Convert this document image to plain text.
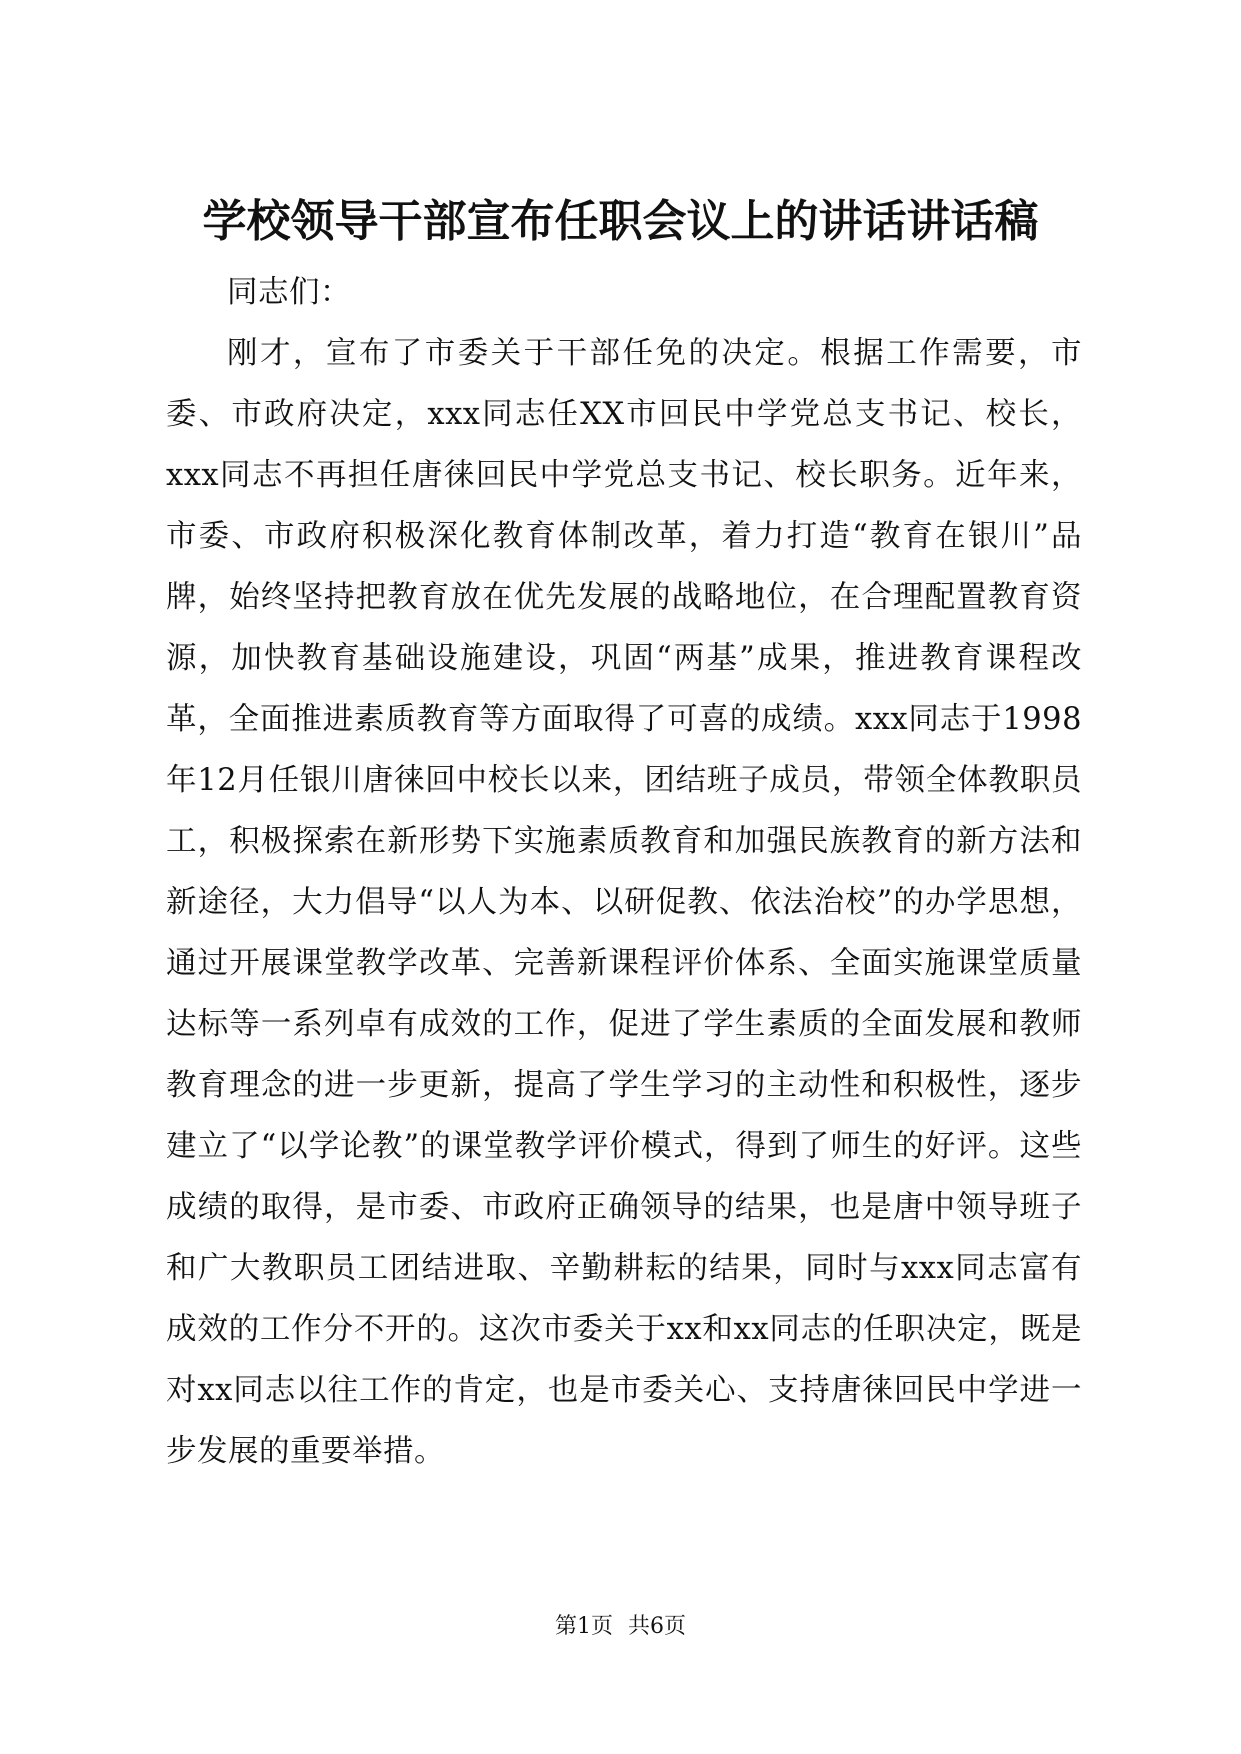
学校领导干部宣布任职会议上的讲话讲话稿

同志们：

刚才，宣布了市委关于干部任免的决定。根据工作需要，市委、市政府决定，xxx同志任XX市回民中学党总支书记、校长，xxx同志不再担任唐徕回民中学党总支书记、校长职务。近年来，市委、市政府积极深化教育体制改革，着力打造“教育在银川”品牌，始终坚持把教育放在优先发展的战略地位，在合理配置教育资源，加快教育基础设施建设，巩固“两基”成果，推进教育课程改革，全面推进素质教育等方面取得了可喜的成绩。xxx同志于1998年12月任银川唐徕回中校长以来，团结班子成员，带领全体教职员工，积极探索在新形势下实施素质教育和加强民族教育的新方法和新途径，大力倡导“以人为本、以研促教、依法治校”的办学思想，通过开展课堂教学改革、完善新课程评价体系、全面实施课堂质量达标等一系列卓有成效的工作，促进了学生素质的全面发展和教师教育理念的进一步更新，提高了学生学习的主动性和积极性，逐步建立了“以学论教”的课堂教学评价模式，得到了师生的好评。这些成绩的取得，是市委、市政府正确领导的结果，也是唐中领导班子和广大教职员工团结进取、辛勤耕耘的结果，同时与xxx同志富有成效的工作分不开的。这次市委关于xx和xx同志的任职决定，既是对xx同志以往工作的肯定，也是市委关心、支持唐徕回民中学进一步发展的重要举措。

第1页 共6页
